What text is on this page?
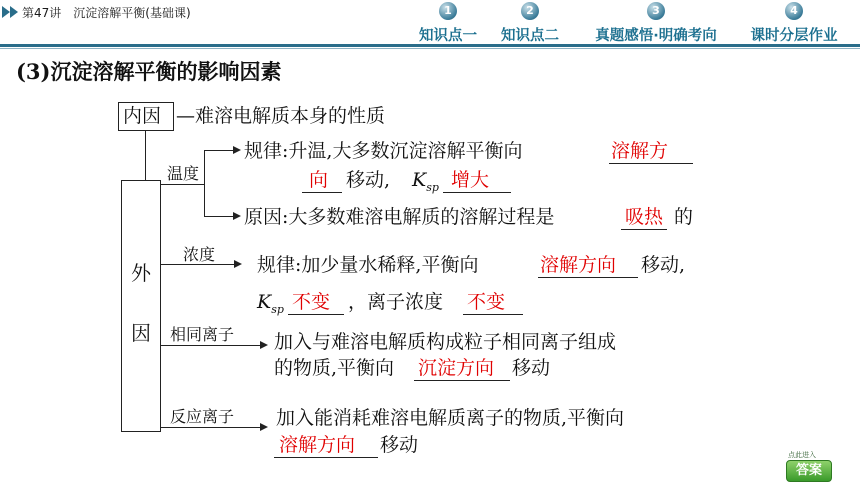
第47讲　沉淀溶解平衡(基础课)	1
知识点一
2
知识点二
3
真题感悟·明确考向
4
课时分层作业
(3)沉淀溶解平衡的影响因素
内因 —难溶电解质本身的性质
外
因
温度
规律:升温,大多数沉淀溶解平衡向	溶解方
向 移动, $K_{sp}$ 增大
原因:大多数难溶电解质的溶解过程是	吸热 的
浓度 规律:加少量水稀释,平衡向	溶解方向 移动,
$K_{sp}$ 不变 ，离子浓度 不变
相同离子 加入与难溶电解质构成粒子相同离子组成
的物质,平衡向 沉淀方向 移动
反应离子 加入能消耗难溶电解质离子的物质,平衡向
溶解方向 移动	点此进入
答案
